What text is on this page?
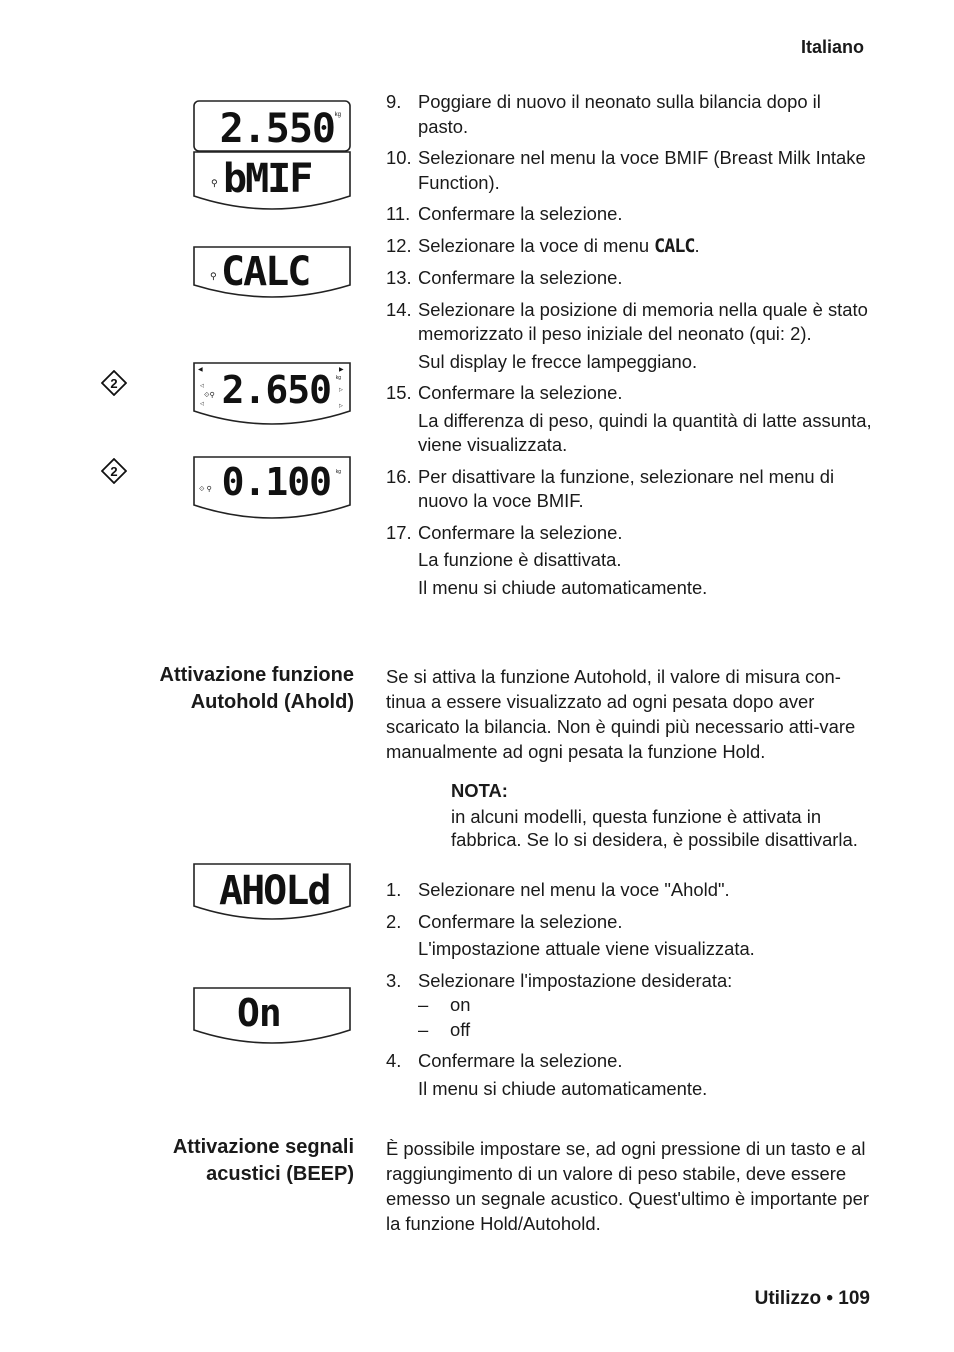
Italiano
2.550 kg
⚲ bMIF
⚲ CALC
2
◀
◁
◁
⟐⚲ 2.650 kg
▶
▷
▷
2
⟐ ⚲ 0.100 kg
AHOLd
On
9. Poggiare di nuovo il neonato sulla bilancia dopo il pasto.
10. Selezionare nel menu la voce BMIF (Breast Milk Intake Function).
11. Confermare la selezione.
12. Selezionare la voce di menu CALC.
13. Confermare la selezione.
14. Selezionare la posizione di memoria nella quale è stato memorizzato il peso iniziale del neonato (qui: 2).
Sul display le frecce lampeggiano.
15. Confermare la selezione.
La differenza di peso, quindi la quantità di latte assunta, viene visualizzata.
16. Per disattivare la funzione, selezionare nel menu di nuovo la voce BMIF.
17. Confermare la selezione.
La funzione è disattivata.
Il menu si chiude automaticamente.
Attivazione funzione
Autohold (Ahold)
Se si attiva la funzione Autohold, il valore di misura con-tinua a essere visualizzato ad ogni pesata dopo aver scaricato la bilancia. Non è quindi più necessario atti-vare manualmente ad ogni pesata la funzione Hold.
NOTA:
in alcuni modelli, questa funzione è attivata in fabbrica. Se lo si desidera, è possibile disattivarla.
1. Selezionare nel menu la voce "Ahold".
2. Confermare la selezione.
L'impostazione attuale viene visualizzata.
3. Selezionare l'impostazione desiderata:
– on
– off
4. Confermare la selezione.
Il menu si chiude automaticamente.
Attivazione segnali
acustici (BEEP)
È possibile impostare se, ad ogni pressione di un tasto e al raggiungimento di un valore di peso stabile, deve essere emesso un segnale acustico. Quest'ultimo è importante per la funzione Hold/Autohold.
Utilizzo • 109
